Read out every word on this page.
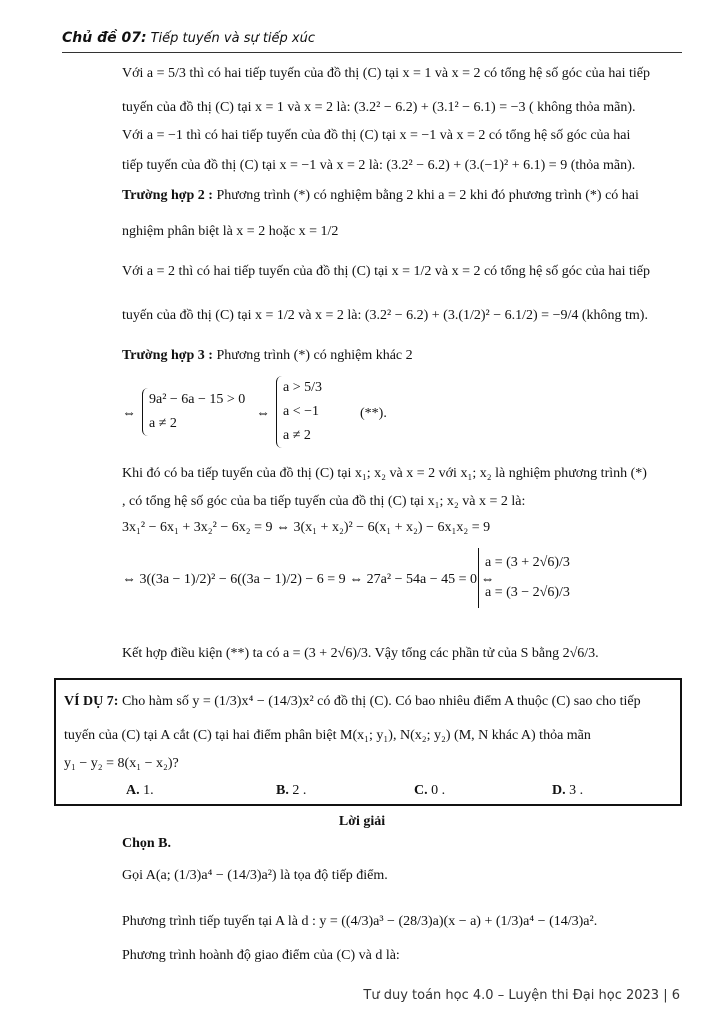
Chủ đề 07: Tiếp tuyến và sự tiếp xúc
Với a = 5/3 thì có hai tiếp tuyến của đồ thị (C) tại x = 1 và x = 2 có tổng hệ số góc của hai tiếp
tuyến của đồ thị (C) tại x = 1 và x = 2 là: (3.2² − 6.2) + (3.1² − 6.1) = −3 ( không thỏa mãn).
Với a = −1 thì có hai tiếp tuyến của đồ thị (C) tại x = −1 và x = 2 có tổng hệ số góc của hai
tiếp tuyến của đồ thị (C) tại x = −1 và x = 2 là: (3.2² − 6.2) + (3.(−1)² + 6.1) = 9 (thỏa mãn).
Trường hợp 2 : Phương trình (*) có nghiệm bằng 2 khi a = 2 khi đó phương trình (*) có hai
nghiệm phân biệt là x = 2 hoặc x = 1/2
Với a = 2 thì có hai tiếp tuyến của đồ thị (C) tại x = 1/2 và x = 2 có tổng hệ số góc của hai tiếp
tuyến của đồ thị (C) tại x = 1/2 và x = 2 là: (3.2² − 6.2) + (3.(1/2)² − 6.1/2) = −9/4 (không tm).
Trường hợp 3 : Phương trình (*) có nghiệm khác 2
⇔
9a² − 6a − 15 > 0
a ≠ 2
⇔
a > 5/3
a < −1
a ≠ 2
(**).
Khi đó có ba tiếp tuyến của đồ thị (C) tại x₁; x₂ và x = 2 với x₁; x₂ là nghiệm phương trình (*)
, có tổng hệ số góc của ba tiếp tuyến của đồ thị (C) tại x₁; x₂ và x = 2 là:
3x₁² − 6x₁ + 3x₂² − 6x₂ = 9 ⇔ 3(x₁ + x₂)² − 6(x₁ + x₂) − 6x₁x₂ = 9
⇔ 3((3a − 1)/2)² − 6((3a − 1)/2) − 6 = 9 ⇔ 27a² − 54a − 45 = 0 ⇔
a = (3 + 2√6)/3
a = (3 − 2√6)/3
Kết hợp điều kiện (**) ta có a = (3 + 2√6)/3. Vậy tổng các phần tử của S bằng 2√6/3.
VÍ DỤ 7: Cho hàm số y = (1/3)x⁴ − (14/3)x² có đồ thị (C). Có bao nhiêu điểm A thuộc (C) sao cho tiếp
tuyến của (C) tại A cắt (C) tại hai điểm phân biệt M(x₁; y₁), N(x₂; y₂) (M, N khác A) thỏa mãn
y₁ − y₂ = 8(x₁ − x₂)?
A. 1.	B. 2 .	C. 0 .	D. 3 .
Lời giải
Chọn B.
Gọi A(a; (1/3)a⁴ − (14/3)a²) là tọa độ tiếp điểm.
Phương trình tiếp tuyến tại A là d : y = ((4/3)a³ − (28/3)a)(x − a) + (1/3)a⁴ − (14/3)a².
Phương trình hoành độ giao điểm của (C) và d là:
Tư duy toán học 4.0 – Luyện thi Đại học 2023 | 6
